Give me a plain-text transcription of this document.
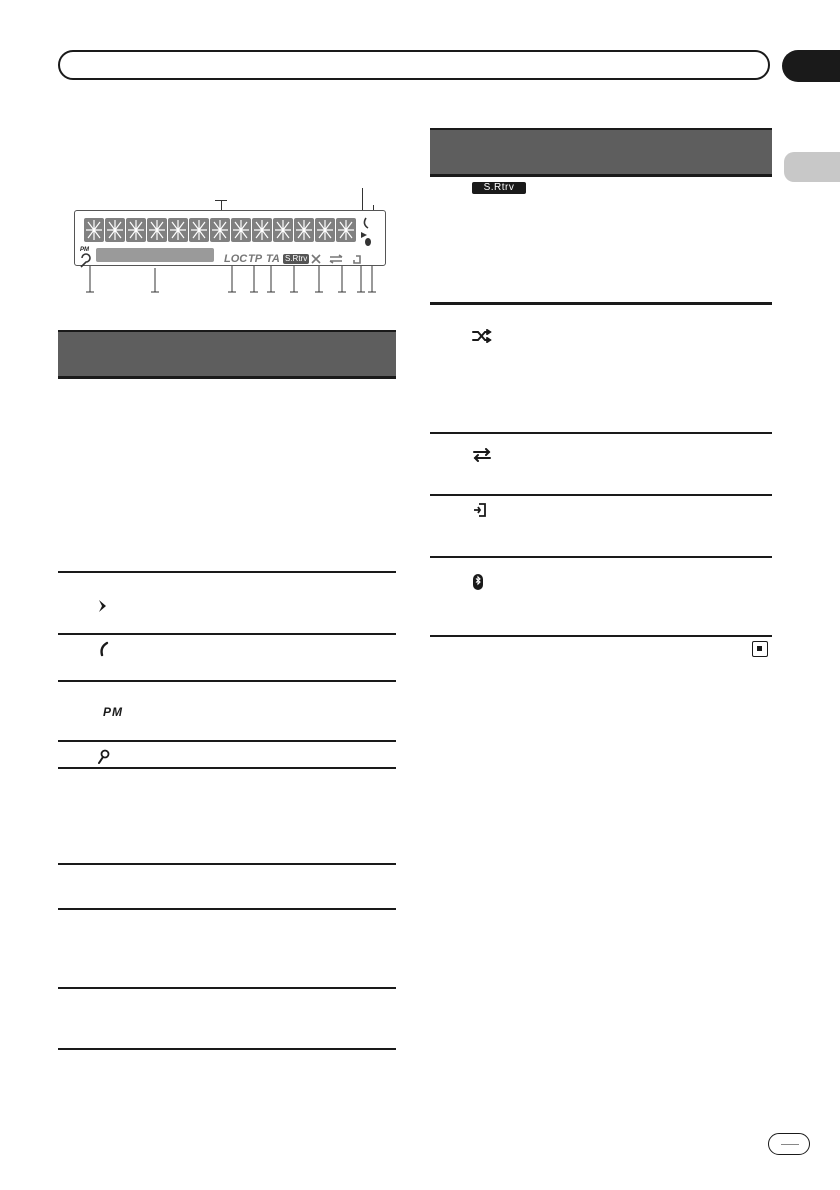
PM
LOC TP TA S.Rtrv
PM
S.Rtrv
